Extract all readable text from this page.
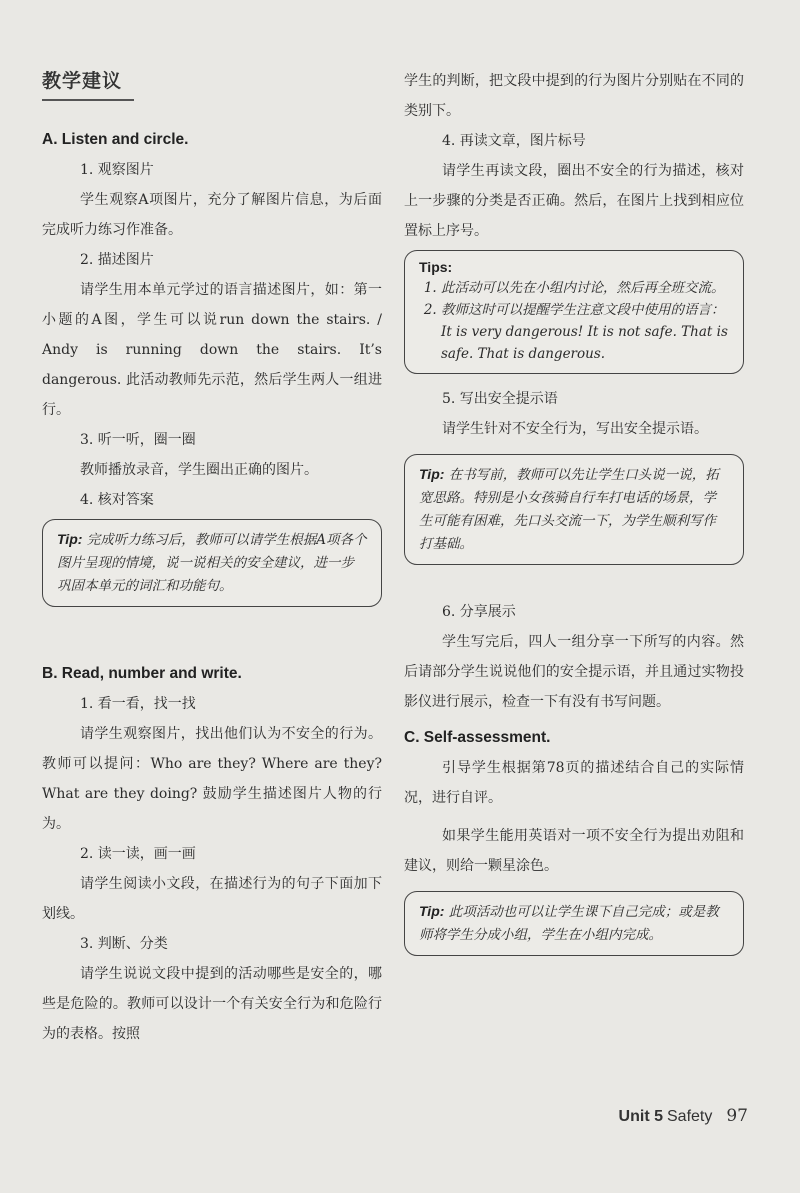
教学建议
A. Listen and circle.

1. 观察图片

学生观察A项图片，充分了解图片信息，为后面完成听力练习作准备。

2. 描述图片

请学生用本单元学过的语言描述图片，如：第一小题的A图，学生可以说run down the stairs. / Andy is running down the stairs. It’s dangerous. 此活动教师先示范，然后学生两人一组进行。

3. 听一听，圈一圈

教师播放录音，学生圈出正确的图片。

4. 核对答案

Tip: 完成听力练习后，教师可以请学生根据A项各个图片呈现的情境，说一说相关的安全建议，进一步巩固本单元的词汇和功能句。
B. Read, number and write.

1. 看一看，找一找

请学生观察图片，找出他们认为不安全的行为。教师可以提问：Who are they? Where are they? What are they doing? 鼓励学生描述图片人物的行为。

2. 读一读，画一画

请学生阅读小文段，在描述行为的句子下面加下划线。

3. 判断、分类

请学生说说文段中提到的活动哪些是安全的，哪些是危险的。教师可以设计一个有关安全行为和危险行为的表格。按照

学生的判断，把文段中提到的行为图片分别贴在不同的类别下。

4. 再读文章，图片标号

请学生再读文段，圈出不安全的行为描述，核对上一步骤的分类是否正确。然后，在图片上找到相应位置标上序号。

Tips:
1. 此活动可以先在小组内讨论，然后再全班交流。
2. 教师这时可以提醒学生注意文段中使用的语言：It is very dangerous! It is not safe. That is safe. That is dangerous.

5. 写出安全提示语

请学生针对不安全行为，写出安全提示语。

Tip: 在书写前，教师可以先让学生口头说一说，拓宽思路。特别是小女孩骑自行车打电话的场景，学生可能有困难，先口头交流一下，为学生顺利写作打基础。

6. 分享展示

学生写完后，四人一组分享一下所写的内容。然后请部分学生说说他们的安全提示语，并且通过实物投影仪进行展示，检查一下有没有书写问题。

C. Self-assessment.

引导学生根据第78页的描述结合自己的实际情况，进行自评。

如果学生能用英语对一项不安全行为提出劝阻和建议，则给一颗星涂色。

Tip: 此项活动也可以让学生课下自己完成；或是教师将学生分成小组，学生在小组内完成。
Unit 5 Safety 97
